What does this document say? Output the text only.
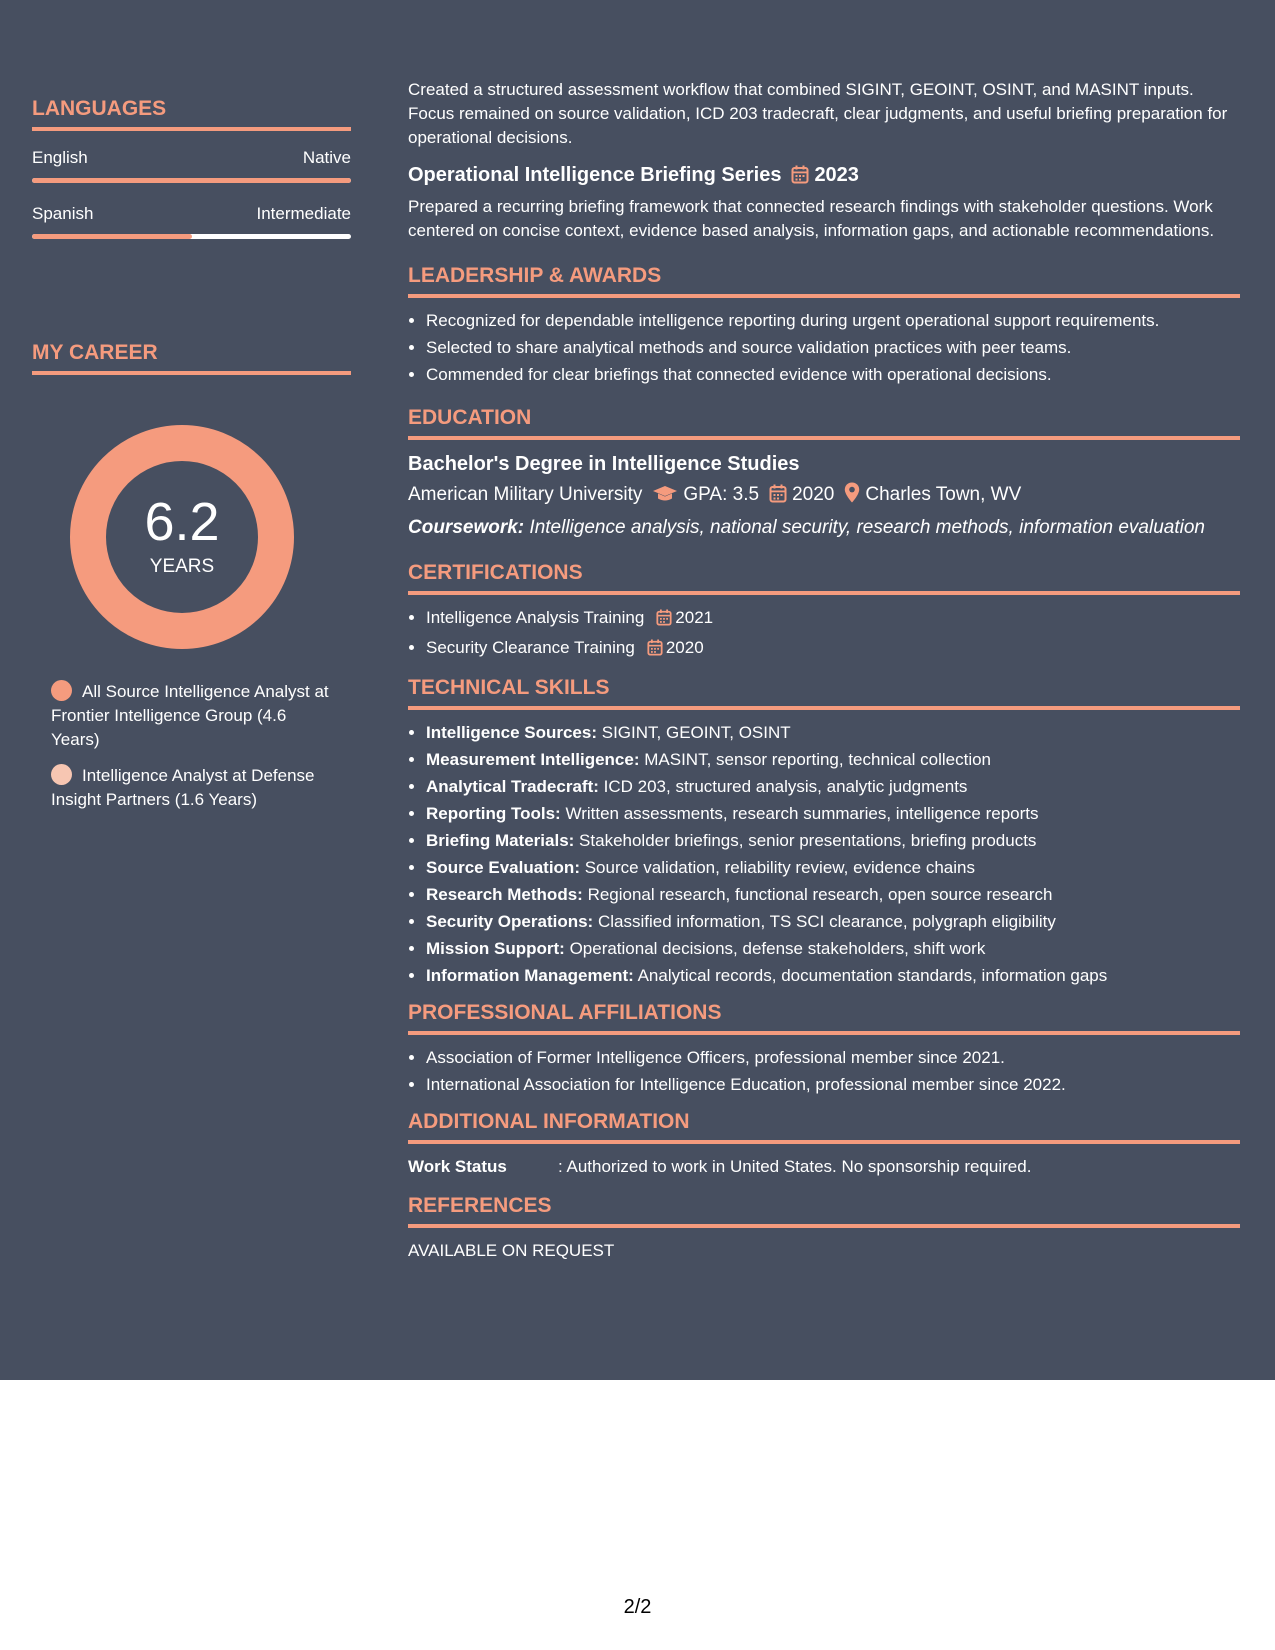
LANGUAGES
English	Native
Spanish	Intermediate
MY CAREER
6.2
YEARS
All Source Intelligence Analyst at Frontier Intelligence Group (4.6 Years)
Intelligence Analyst at Defense Insight Partners (1.6 Years)
Created a structured assessment workflow that combined SIGINT, GEOINT, OSINT, and MASINT inputs. Focus remained on source validation, ICD 203 tradecraft, clear judgments, and useful briefing preparation for operational decisions.
Operational Intelligence Briefing Series 2023
Prepared a recurring briefing framework that connected research findings with stakeholder questions. Work centered on concise context, evidence based analysis, information gaps, and actionable recommendations.
LEADERSHIP & AWARDS
• Recognized for dependable intelligence reporting during urgent operational support requirements.
• Selected to share analytical methods and source validation practices with peer teams.
• Commended for clear briefings that connected evidence with operational decisions.
EDUCATION
Bachelor's Degree in Intelligence Studies
American Military University GPA: 3.5 2020 Charles Town, WV
Coursework: Intelligence analysis, national security, research methods, information evaluation
CERTIFICATIONS
• Intelligence Analysis Training 2021
• Security Clearance Training 2020
TECHNICAL SKILLS
• Intelligence Sources: SIGINT, GEOINT, OSINT
• Measurement Intelligence: MASINT, sensor reporting, technical collection
• Analytical Tradecraft: ICD 203, structured analysis, analytic judgments
• Reporting Tools: Written assessments, research summaries, intelligence reports
• Briefing Materials: Stakeholder briefings, senior presentations, briefing products
• Source Evaluation: Source validation, reliability review, evidence chains
• Research Methods: Regional research, functional research, open source research
• Security Operations: Classified information, TS SCI clearance, polygraph eligibility
• Mission Support: Operational decisions, defense stakeholders, shift work
• Information Management: Analytical records, documentation standards, information gaps
PROFESSIONAL AFFILIATIONS
• Association of Former Intelligence Officers, professional member since 2021.
• International Association for Intelligence Education, professional member since 2022.
ADDITIONAL INFORMATION
Work Status	: Authorized to work in United States. No sponsorship required.
REFERENCES
AVAILABLE ON REQUEST
2/2
